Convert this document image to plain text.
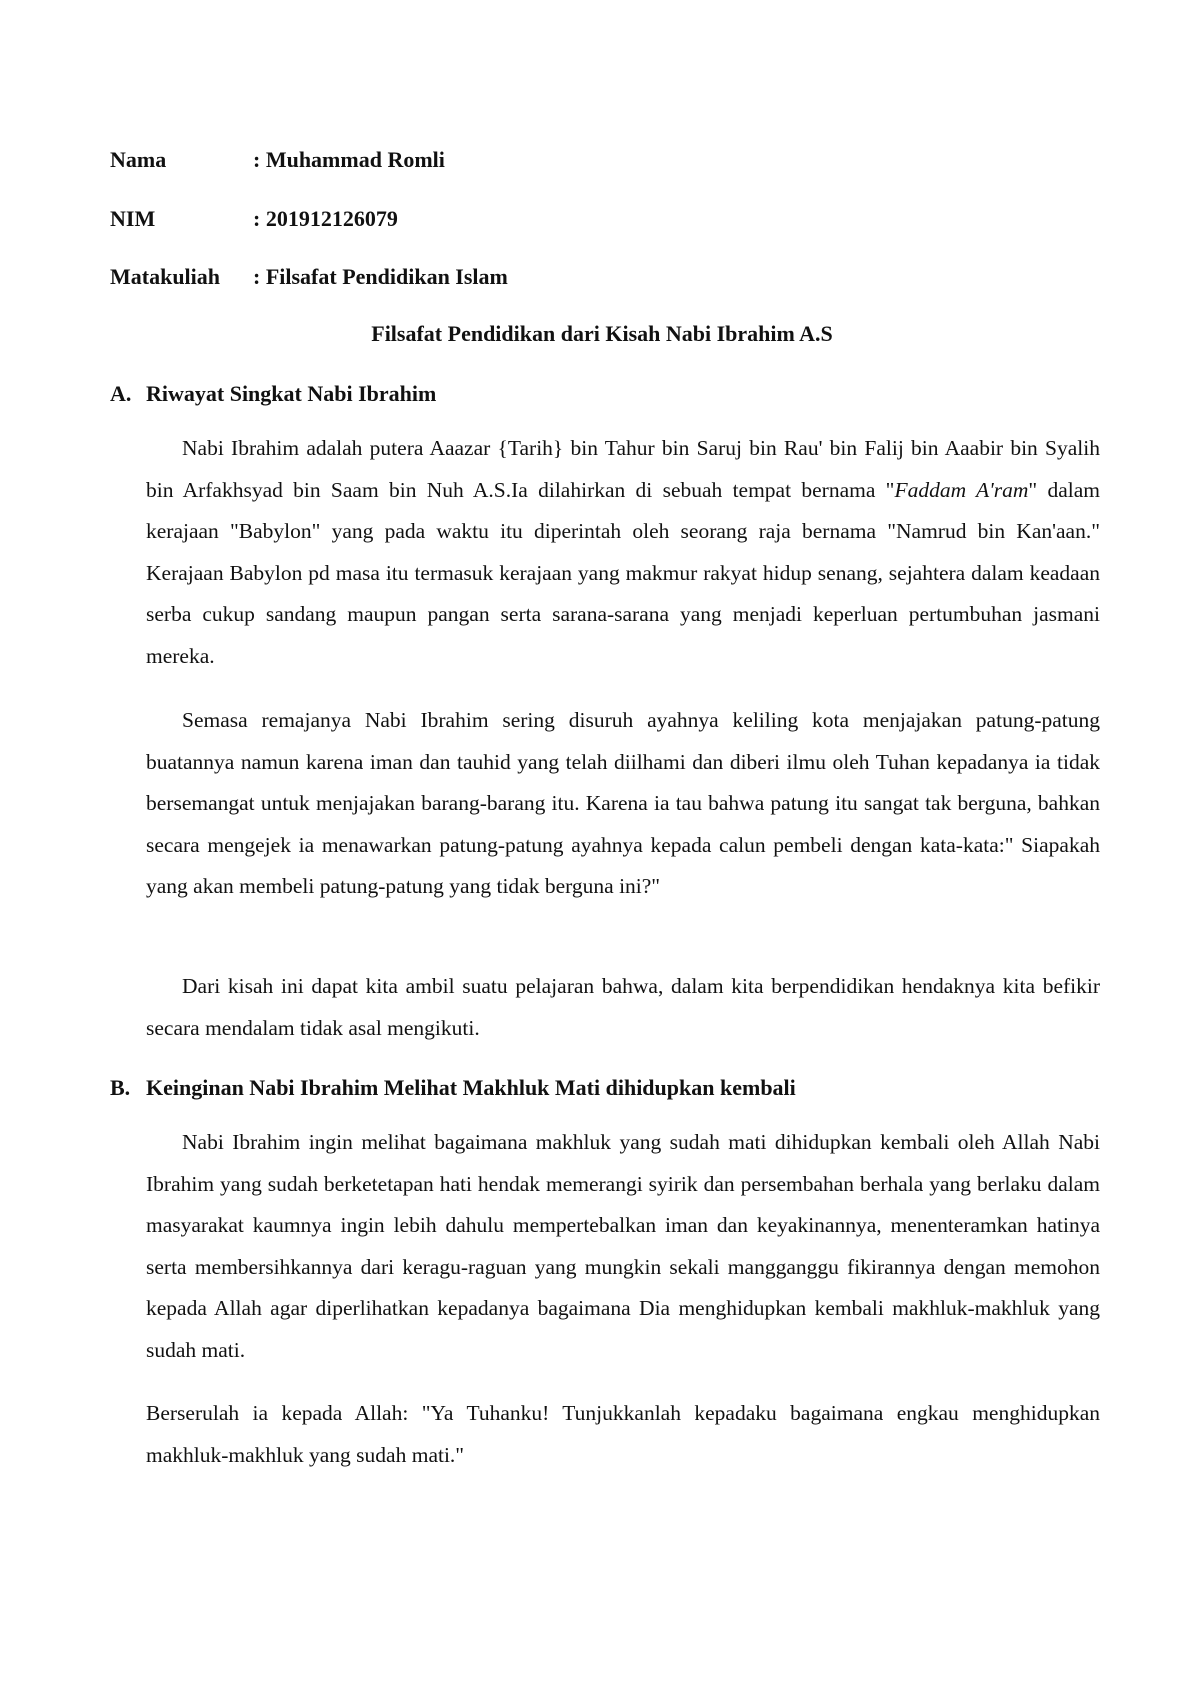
Nama	: Muhammad Romli
NIM	: 201912126079
Matakuliah : Filsafat Pendidikan Islam
Filsafat Pendidikan dari Kisah Nabi Ibrahim A.S
A. Riwayat Singkat Nabi Ibrahim

Nabi Ibrahim adalah putera Aaazar {Tarih} bin Tahur bin Saruj bin Rau' bin Falij bin Aaabir bin Syalih bin Arfakhsyad bin Saam bin Nuh A.S.Ia dilahirkan di sebuah tempat bernama "Faddam A'ram" dalam kerajaan "Babylon" yang pada waktu itu diperintah oleh seorang raja bernama "Namrud bin Kan'aan." Kerajaan Babylon pd masa itu termasuk kerajaan yang makmur rakyat hidup senang, sejahtera dalam keadaan serba cukup sandang maupun pangan serta sarana-sarana yang menjadi keperluan pertumbuhan jasmani mereka.

Semasa remajanya Nabi Ibrahim sering disuruh ayahnya keliling kota menjajakan patung-patung buatannya namun karena iman dan tauhid yang telah diilhami dan diberi ilmu oleh Tuhan kepadanya ia tidak bersemangat untuk menjajakan barang-barang itu. Karena ia tau bahwa patung itu sangat tak berguna, bahkan secara mengejek ia menawarkan patung-patung ayahnya kepada calun pembeli dengan kata-kata:" Siapakah yang akan membeli patung-patung yang tidak berguna ini?"

Dari kisah ini dapat kita ambil suatu pelajaran bahwa, dalam kita berpendidikan hendaknya kita befikir secara mendalam tidak asal mengikuti.

B. Keinginan Nabi Ibrahim Melihat Makhluk Mati dihidupkan kembali

Nabi Ibrahim ingin melihat bagaimana makhluk yang sudah mati dihidupkan kembali oleh Allah Nabi Ibrahim yang sudah berketetapan hati hendak memerangi syirik dan persembahan berhala yang berlaku dalam masyarakat kaumnya ingin lebih dahulu mempertebalkan iman dan keyakinannya, menenteramkan hatinya serta membersihkannya dari keragu-raguan yang mungkin sekali mangganggu fikirannya dengan memohon kepada Allah agar diperlihatkan kepadanya bagaimana Dia menghidupkan kembali makhluk-makhluk yang sudah mati.

Berserulah ia kepada Allah: "Ya Tuhanku! Tunjukkanlah kepadaku bagaimana engkau menghidupkan makhluk-makhluk yang sudah mati."
